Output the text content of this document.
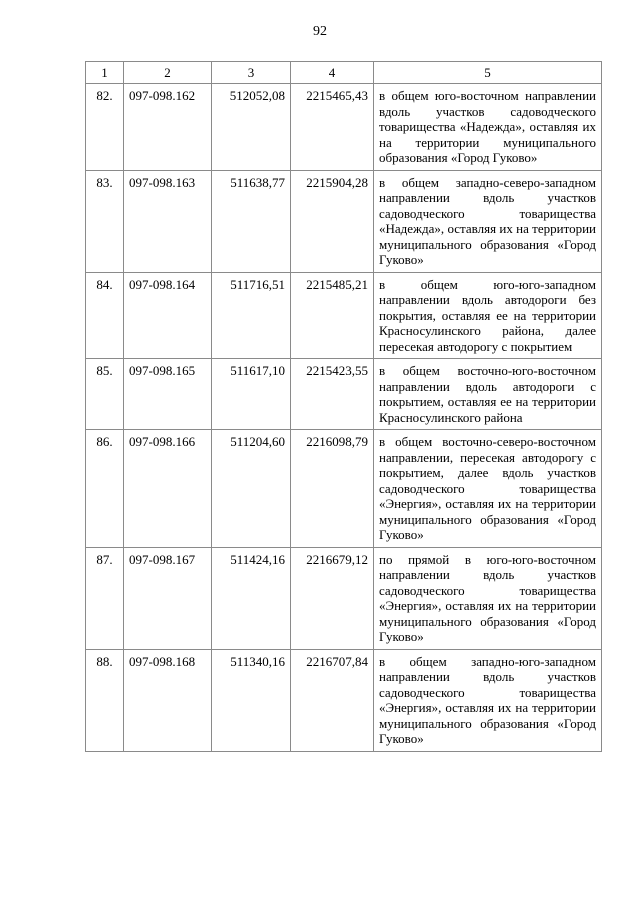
92
1	2	3	4	5
82.	097-098.162	512052,08	2215465,43	в общем юго-восточном направлении вдоль участков садоводческого товарищества «Надежда», оставляя их на территории муниципального образования «Город Гуково»
83.	097-098.163	511638,77	2215904,28	в общем западно-северо-западном направлении вдоль участков садоводческого товарищества «Надежда», оставляя их на территории муниципального образования «Город Гуково»
84.	097-098.164	511716,51	2215485,21	в общем юго-юго-западном направлении вдоль автодороги без покрытия, оставляя ее на территории Красносулинского района, далее пересекая автодорогу с покрытием
85.	097-098.165	511617,10	2215423,55	в общем восточно-юго-восточном направлении вдоль автодороги с покрытием, оставляя ее на территории Красносулинского района
86.	097-098.166	511204,60	2216098,79	в общем восточно-северо-восточном направлении, пересекая автодорогу с покрытием, далее вдоль участков садоводческого товарищества «Энергия», оставляя их на территории муниципального образования «Город Гуково»
87.	097-098.167	511424,16	2216679,12	по прямой в юго-юго-восточном направлении вдоль участков садоводческого товарищества «Энергия», оставляя их на территории муниципального образования «Город Гуково»
88.	097-098.168	511340,16	2216707,84	в общем западно-юго-западном направлении вдоль участков садоводческого товарищества «Энергия», оставляя их на территории муниципального образования «Город Гуково»
